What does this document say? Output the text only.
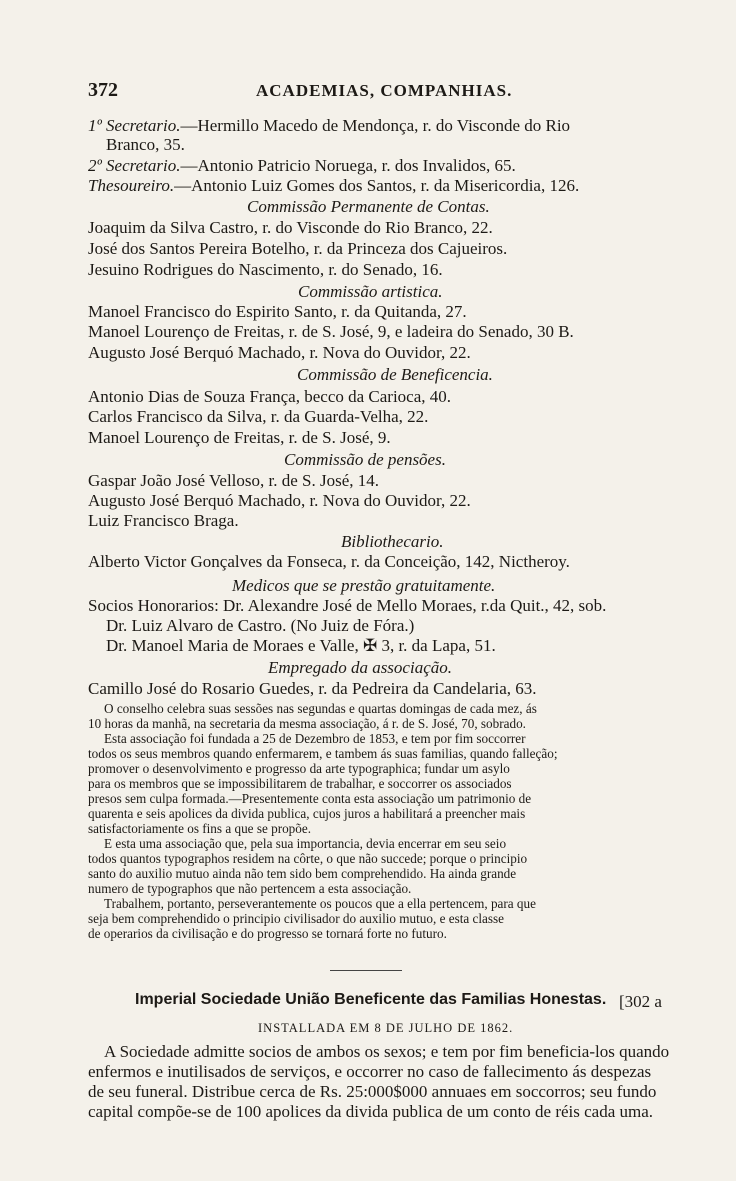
372	ACADEMIAS, COMPANHIAS.
1º Secretario.—Hermillo Macedo de Mendonça, r. do Visconde do Rio
Branco, 35.
2º Secretario.—Antonio Patricio Noruega, r. dos Invalidos, 65.
Thesoureiro.—Antonio Luiz Gomes dos Santos, r. da Misericordia, 126.
Commissão Permanente de Contas.
Joaquim da Silva Castro, r. do Visconde do Rio Branco, 22.
José dos Santos Pereira Botelho, r. da Princeza dos Cajueiros.
Jesuino Rodrigues do Nascimento, r. do Senado, 16.
Commissão artistica.
Manoel Francisco do Espirito Santo, r. da Quitanda, 27.
Manoel Lourenço de Freitas, r. de S. José, 9, e ladeira do Senado, 30 B.
Augusto José Berquó Machado, r. Nova do Ouvidor, 22.
Commissão de Beneficencia.
Antonio Dias de Souza França, becco da Carioca, 40.
Carlos Francisco da Silva, r. da Guarda-Velha, 22.
Manoel Lourenço de Freitas, r. de S. José, 9.
Commissão de pensões.
Gaspar João José Velloso, r. de S. José, 14.
Augusto José Berquó Machado, r. Nova do Ouvidor, 22.
Luiz Francisco Braga.
Bibliothecario.
Alberto Victor Gonçalves da Fonseca, r. da Conceição, 142, Nictheroy.
Medicos que se prestão gratuitamente.
Socios Honorarios: Dr. Alexandre José de Mello Moraes, r.da Quit., 42, sob.
Dr. Luiz Alvaro de Castro. (No Juiz de Fóra.)
Dr. Manoel Maria de Moraes e Valle, ✠ 3, r. da Lapa, 51.
Empregado da associação.
Camillo José do Rosario Guedes, r. da Pedreira da Candelaria, 63.
O conselho celebra suas sessões nas segundas e quartas domingas de cada mez, ás
10 horas da manhã, na secretaria da mesma associação, á r. de S. José, 70, sobrado.
Esta associação foi fundada a 25 de Dezembro de 1853, e tem por fim soccorrer
todos os seus membros quando enfermarem, e tambem ás suas familias, quando falleção;
promover o desenvolvimento e progresso da arte typographica; fundar um asylo
para os membros que se impossibilitarem de trabalhar, e soccorrer os associados
presos sem culpa formada.—Presentemente conta esta associação um patrimonio de
quarenta e seis apolices da divida publica, cujos juros a habilitará a preencher mais
satisfactoriamente os fins a que se propõe.
E esta uma associação que, pela sua importancia, devia encerrar em seu seio
todos quantos typographos residem na côrte, o que não succede; porque o principio
santo do auxilio mutuo ainda não tem sido bem comprehendido. Ha ainda grande
numero de typographos que não pertencem a esta associação.
Trabalhem, portanto, perseverantemente os poucos que a ella pertencem, para que
seja bem comprehendido o principio civilisador do auxilio mutuo, e esta classe
de operarios da civilisação e do progresso se tornará forte no futuro.
Imperial Sociedade União Beneficente das Familias Honestas. [302 a
INSTALLADA EM 8 DE JULHO DE 1862.
A Sociedade admitte socios de ambos os sexos; e tem por fim beneficia-los quando
enfermos e inutilisados de serviços, e occorrer no caso de fallecimento ás despezas
de seu funeral. Distribue cerca de Rs. 25:000$000 annuaes em soccorros; seu fundo
capital compõe-se de 100 apolices da divida publica de um conto de réis cada uma.
